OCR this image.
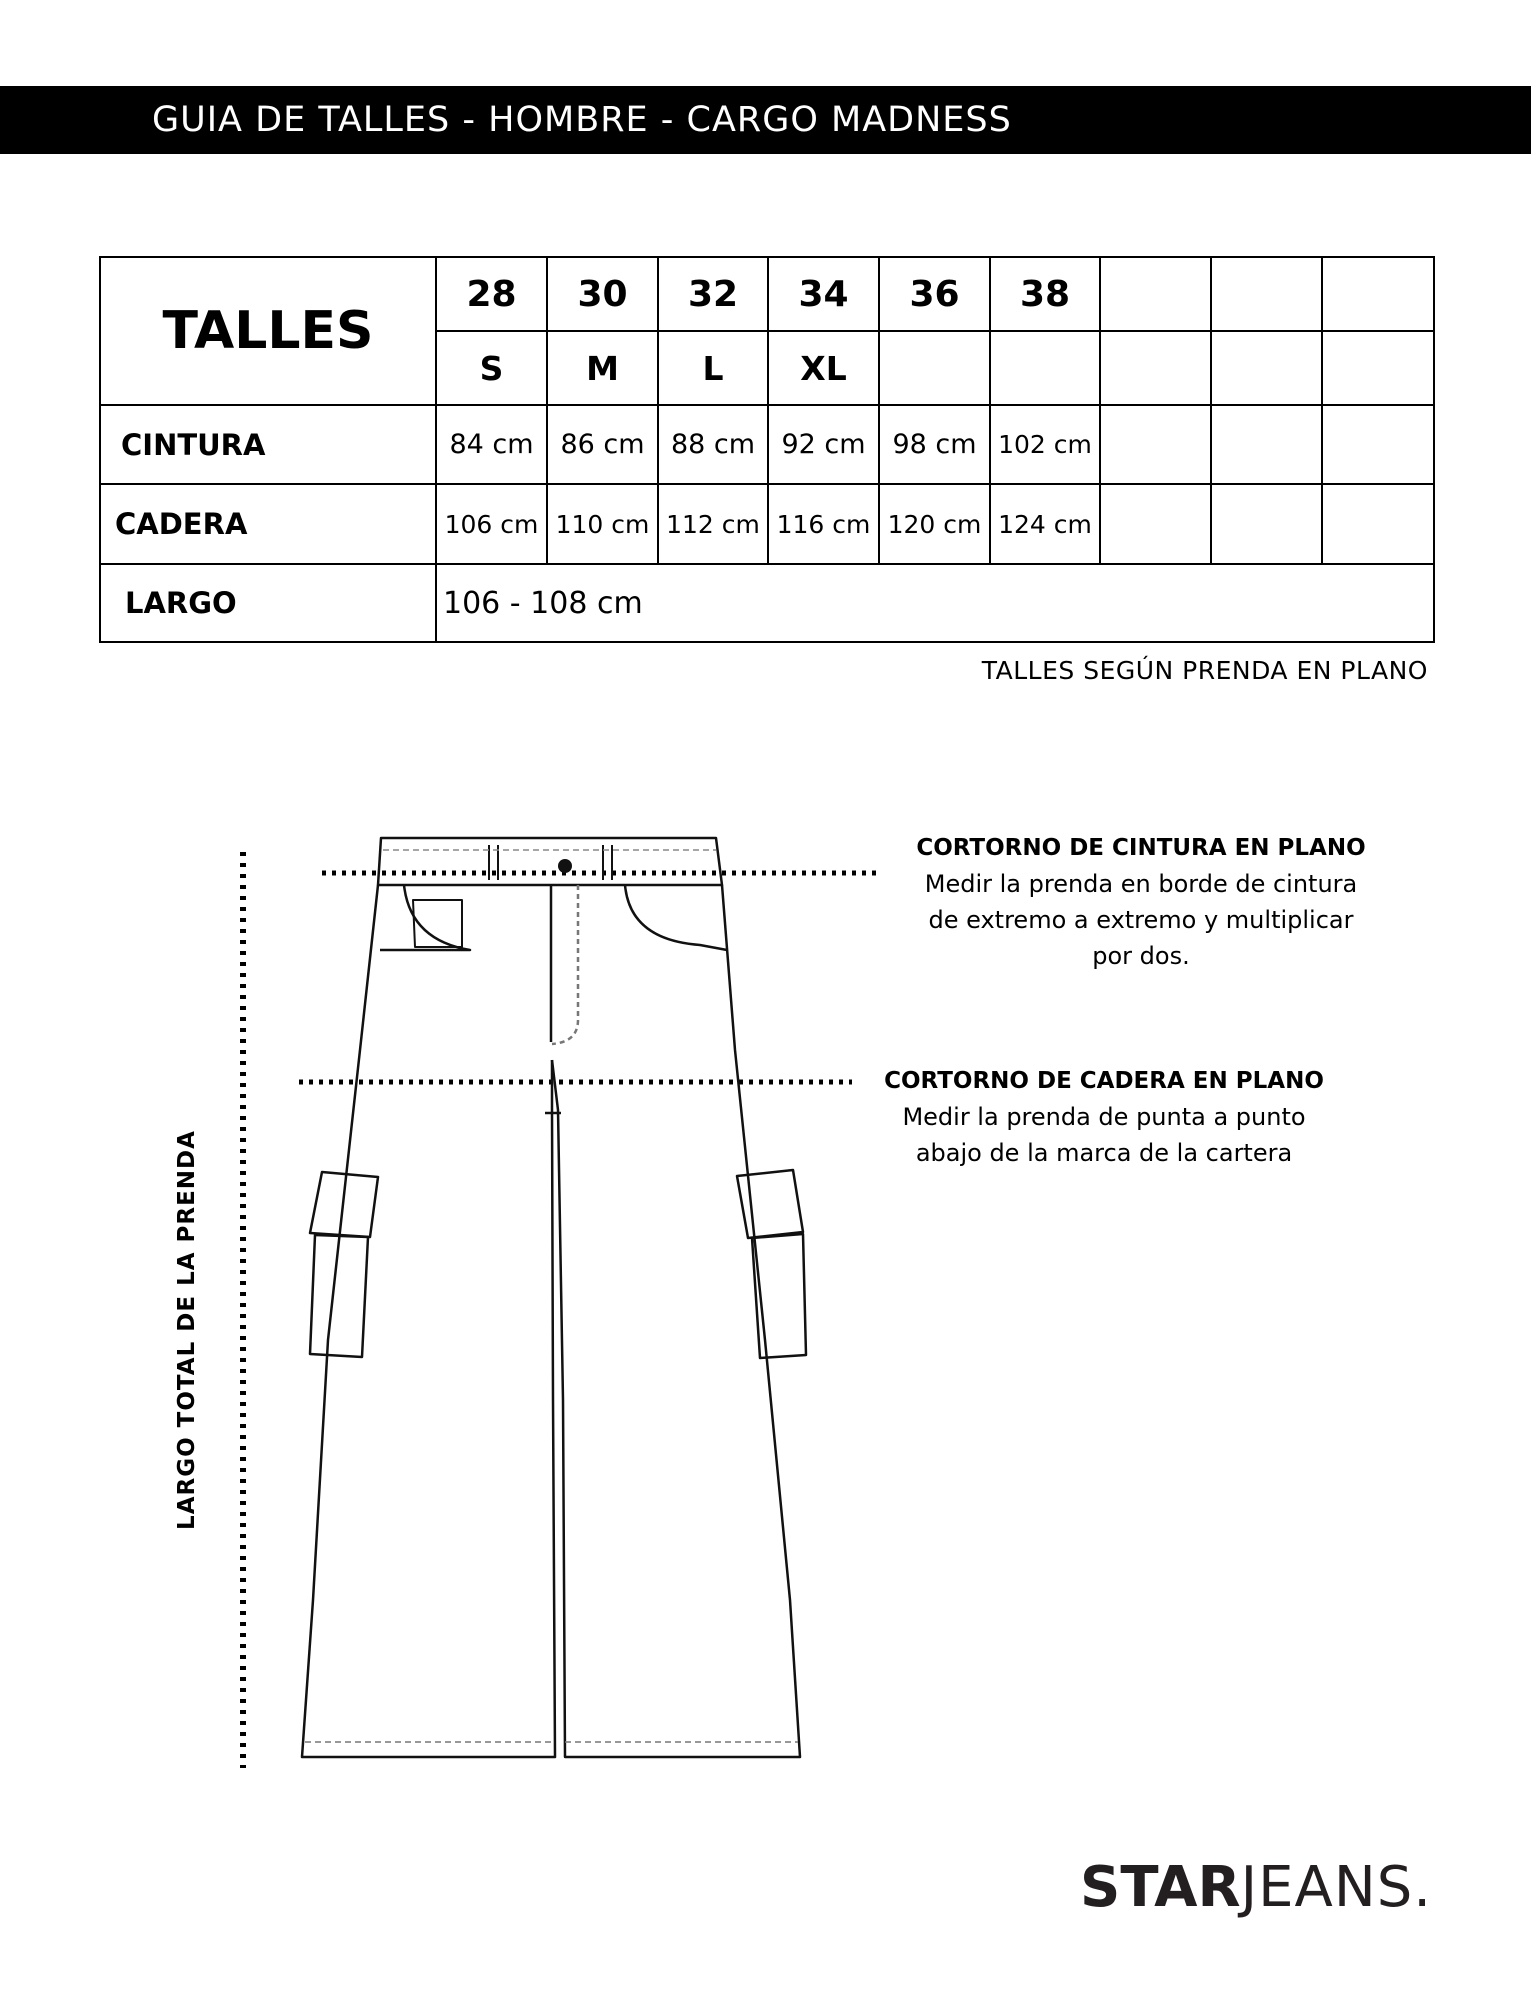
GUIA DE TALLES - HOMBRE - CARGO MADNESS
TALLES	28	30	32	34	36	38			
	S	M	L	XL					
CINTURA	84 cm	86 cm	88 cm	92 cm	98 cm	102 cm			
CADERA	106 cm	110 cm	112 cm	116 cm	120 cm	124 cm			
LARGO	106 - 108 cm								
TALLES SEGÚN PRENDA EN PLANO
CORTORNO DE CINTURA EN PLANO
Medir la prenda en borde de cintura
de extremo a extremo y multiplicar
por dos.
CORTORNO DE CADERA EN PLANO
Medir la prenda de punta a punto
abajo de la marca de la cartera
LARGO TOTAL DE LA PRENDA
STARJEANS.
